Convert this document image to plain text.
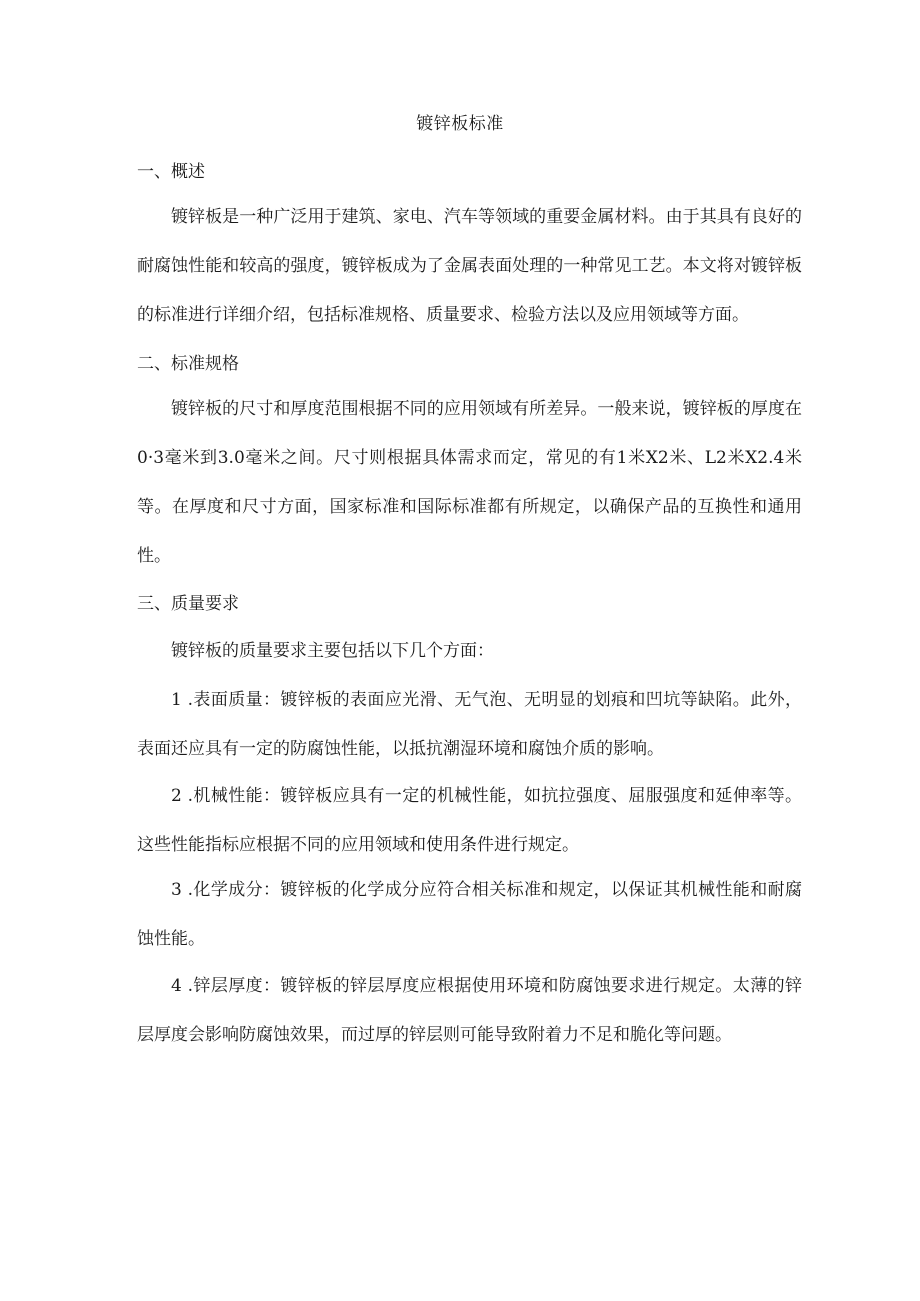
镀锌板标准
一、概述
镀锌板是一种广泛用于建筑、家电、汽车等领域的重要金属材料。由于其具有良好的耐腐蚀性能和较高的强度，镀锌板成为了金属表面处理的一种常见工艺。本文将对镀锌板的标准进行详细介绍，包括标准规格、质量要求、检验方法以及应用领域等方面。
二、标准规格
镀锌板的尺寸和厚度范围根据不同的应用领域有所差异。一般来说，镀锌板的厚度在0·3毫米到3.0毫米之间。尺寸则根据具体需求而定，常见的有1米X2米、L2米X2.4米等。在厚度和尺寸方面，国家标准和国际标准都有所规定，以确保产品的互换性和通用性。
三、质量要求
镀锌板的质量要求主要包括以下几个方面：
1 .表面质量：镀锌板的表面应光滑、无气泡、无明显的划痕和凹坑等缺陷。此外，表面还应具有一定的防腐蚀性能，以抵抗潮湿环境和腐蚀介质的影响。
2 .机械性能：镀锌板应具有一定的机械性能，如抗拉强度、屈服强度和延伸率等。这些性能指标应根据不同的应用领域和使用条件进行规定。
3 .化学成分：镀锌板的化学成分应符合相关标准和规定，以保证其机械性能和耐腐蚀性能。
4 .锌层厚度：镀锌板的锌层厚度应根据使用环境和防腐蚀要求进行规定。太薄的锌层厚度会影响防腐蚀效果，而过厚的锌层则可能导致附着力不足和脆化等问题。
